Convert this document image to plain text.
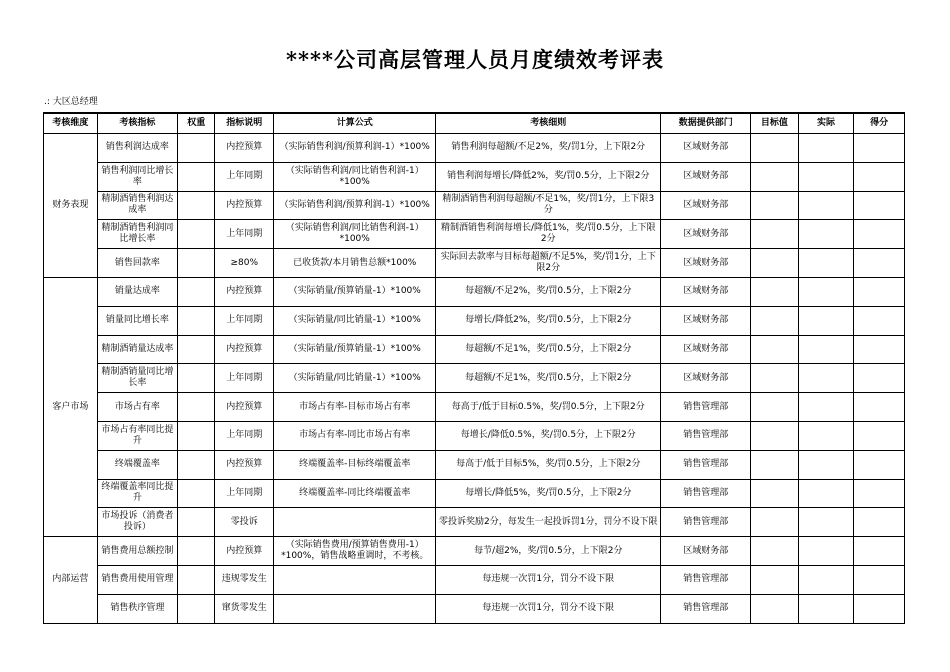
****公司高层管理人员月度绩效考评表
.: 大区总经理
考核维度	考核指标	权重	指标说明	计算公式	考核细则	数据提供部门	目标值	实际	得分
财务表现	销售利润达成率		内控预算	（实际销售利润/预算利润-1）*100%	销售利润每超额/不足2%，奖/罚1分，上下限2分	区域财务部			
	销售利润同比增长率		上年同期	（实际销售利润/同比销售利润-1）*100%	销售利润每增长/降低2%，奖/罚0.5分，上下限2分	区域财务部			
	精制酒销售利润达成率		内控预算	（实际销售利润/预算利润-1）*100%	精制酒销售利润每超额/不足1%，奖/罚1分，上下限3分	区域财务部			
	精制酒销售利润同比增长率		上年同期	（实际销售利润/同比销售利润-1）*100%	精制酒销售利润每增长/降低1%，奖/罚0.5分，上下限2分	区域财务部			
	销售回款率		≥80%	已收货款/本月销售总额*100%	实际回去款率与目标每超额/不足5%，奖/罚1分，上下限2分	区域财务部			
客户市场	销量达成率		内控预算	（实际销量/预算销量-1）*100%	每超额/不足2%，奖/罚0.5分，上下限2分	区域财务部			
	销量同比增长率		上年同期	（实际销量/同比销量-1）*100%	每增长/降低2%，奖/罚0.5分，上下限2分	区域财务部			
	精制酒销量达成率		内控预算	（实际销量/预算销量-1）*100%	每超额/不足1%，奖/罚0.5分，上下限2分	区域财务部			
	精制酒销量同比增长率		上年同期	（实际销量/同比销量-1）*100%	每超额/不足1%，奖/罚0.5分，上下限2分	区域财务部			
	市场占有率		内控预算	市场占有率-目标市场占有率	每高于/低于目标0.5%，奖/罚0.5分，上下限2分	销售管理部			
	市场占有率同比提升		上年同期	市场占有率-同比市场占有率	每增长/降低0.5%，奖/罚0.5分，上下限2分	销售管理部			
	终端覆盖率		内控预算	终端覆盖率-目标终端覆盖率	每高于/低于目标5%，奖/罚0.5分，上下限2分	销售管理部			
	终端覆盖率同比提升		上年同期	终端覆盖率-同比终端覆盖率	每增长/降低5%，奖/罚0.5分，上下限2分	销售管理部			
	市场投诉（消费者投诉）		零投诉		零投诉奖励2分，每发生一起投诉罚1分，罚分不设下限	销售管理部			
内部运营	销售费用总额控制		内控预算	（实际销售费用/预算销售费用-1）*100%，销售战略重调时，不考核。	每节/超2%，奖/罚0.5分，上下限2分	区域财务部			
	销售费用使用管理		违规零发生		每违规一次罚1分，罚分不设下限	销售管理部			
	销售秩序管理		窜货零发生		每违规一次罚1分，罚分不设下限	销售管理部			
